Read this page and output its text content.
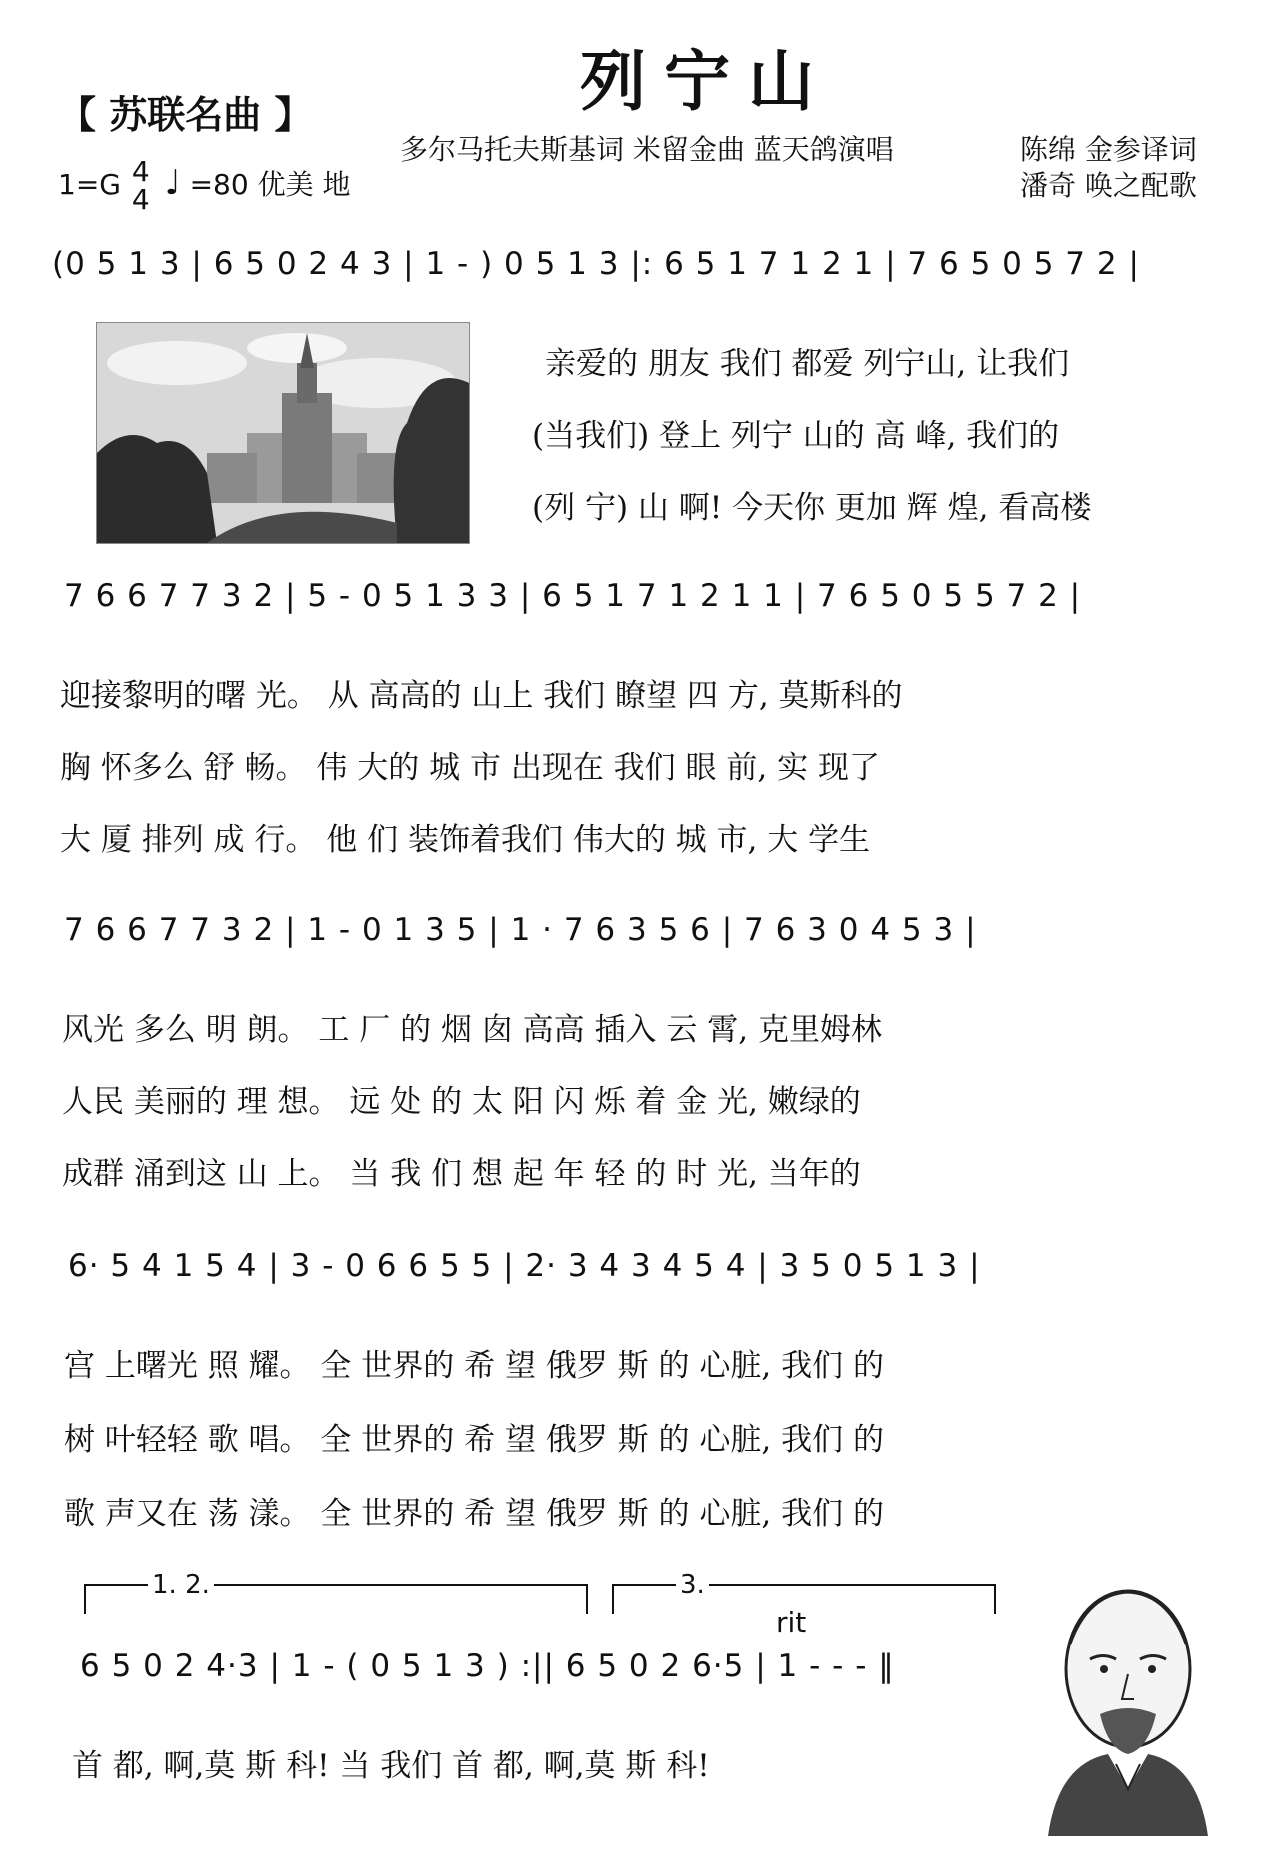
列宁山
【 苏联名曲 】
多尔马托夫斯基词 米留金曲 蓝天鸽演唱	陈绵 金参译词
潘奇 唤之配歌
1=G 4
4 ♩ =80 优美 地
(0 5 1 3 | 6 5 0 2 4 3 | 1 - ) 0 5 1 3 |: 6 5 1 7 1 2 1 | 7 6 5 0 5 7 2 |
亲爱的 朋友 我们 都爱 列宁山, 让我们
(当我们) 登上 列宁 山的 高 峰, 我们的
(列 宁) 山 啊! 今天你 更加 辉 煌, 看高楼
7 6 6 7 7 3 2 | 5 - 0 5 1 3 3 | 6 5 1 7 1 2 1 1 | 7 6 5 0 5 5 7 2 |
迎接黎明的曙 光。 从 高高的 山上 我们 瞭望 四 方, 莫斯科的
胸 怀多么 舒 畅。 伟 大的 城 市 出现在 我们 眼 前, 实 现了
大 厦 排列 成 行。 他 们 装饰着我们 伟大的 城 市, 大 学生
7 6 6 7 7 3 2 | 1 - 0 1 3 5 | 1 · 7 6 3 5 6 | 7 6 3 0 4 5 3 |
风光 多么 明 朗。 工 厂 的 烟 囱 高高 插入 云 霄, 克里姆林
人民 美丽的 理 想。 远 处 的 太 阳 闪 烁 着 金 光, 嫩绿的
成群 涌到这 山 上。 当 我 们 想 起 年 轻 的 时 光, 当年的
6· 5 4 1 5 4 | 3 - 0 6 6 5 5 | 2· 3 4 3 4 5 4 | 3 5 0 5 1 3 |
宫 上曙光 照 耀。 全 世界的 希 望 俄罗 斯 的 心脏, 我们 的
树 叶轻轻 歌 唱。 全 世界的 希 望 俄罗 斯 的 心脏, 我们 的
歌 声又在 荡 漾。 全 世界的 希 望 俄罗 斯 的 心脏, 我们 的
1. 2.	3.
rit
6 5 0 2 4·3 | 1 - ( 0 5 1 3 ) :|| 6 5 0 2 6·5 | 1 - - - ‖
首 都, 啊,莫 斯 科! 当 我们 首 都, 啊,莫 斯 科!
